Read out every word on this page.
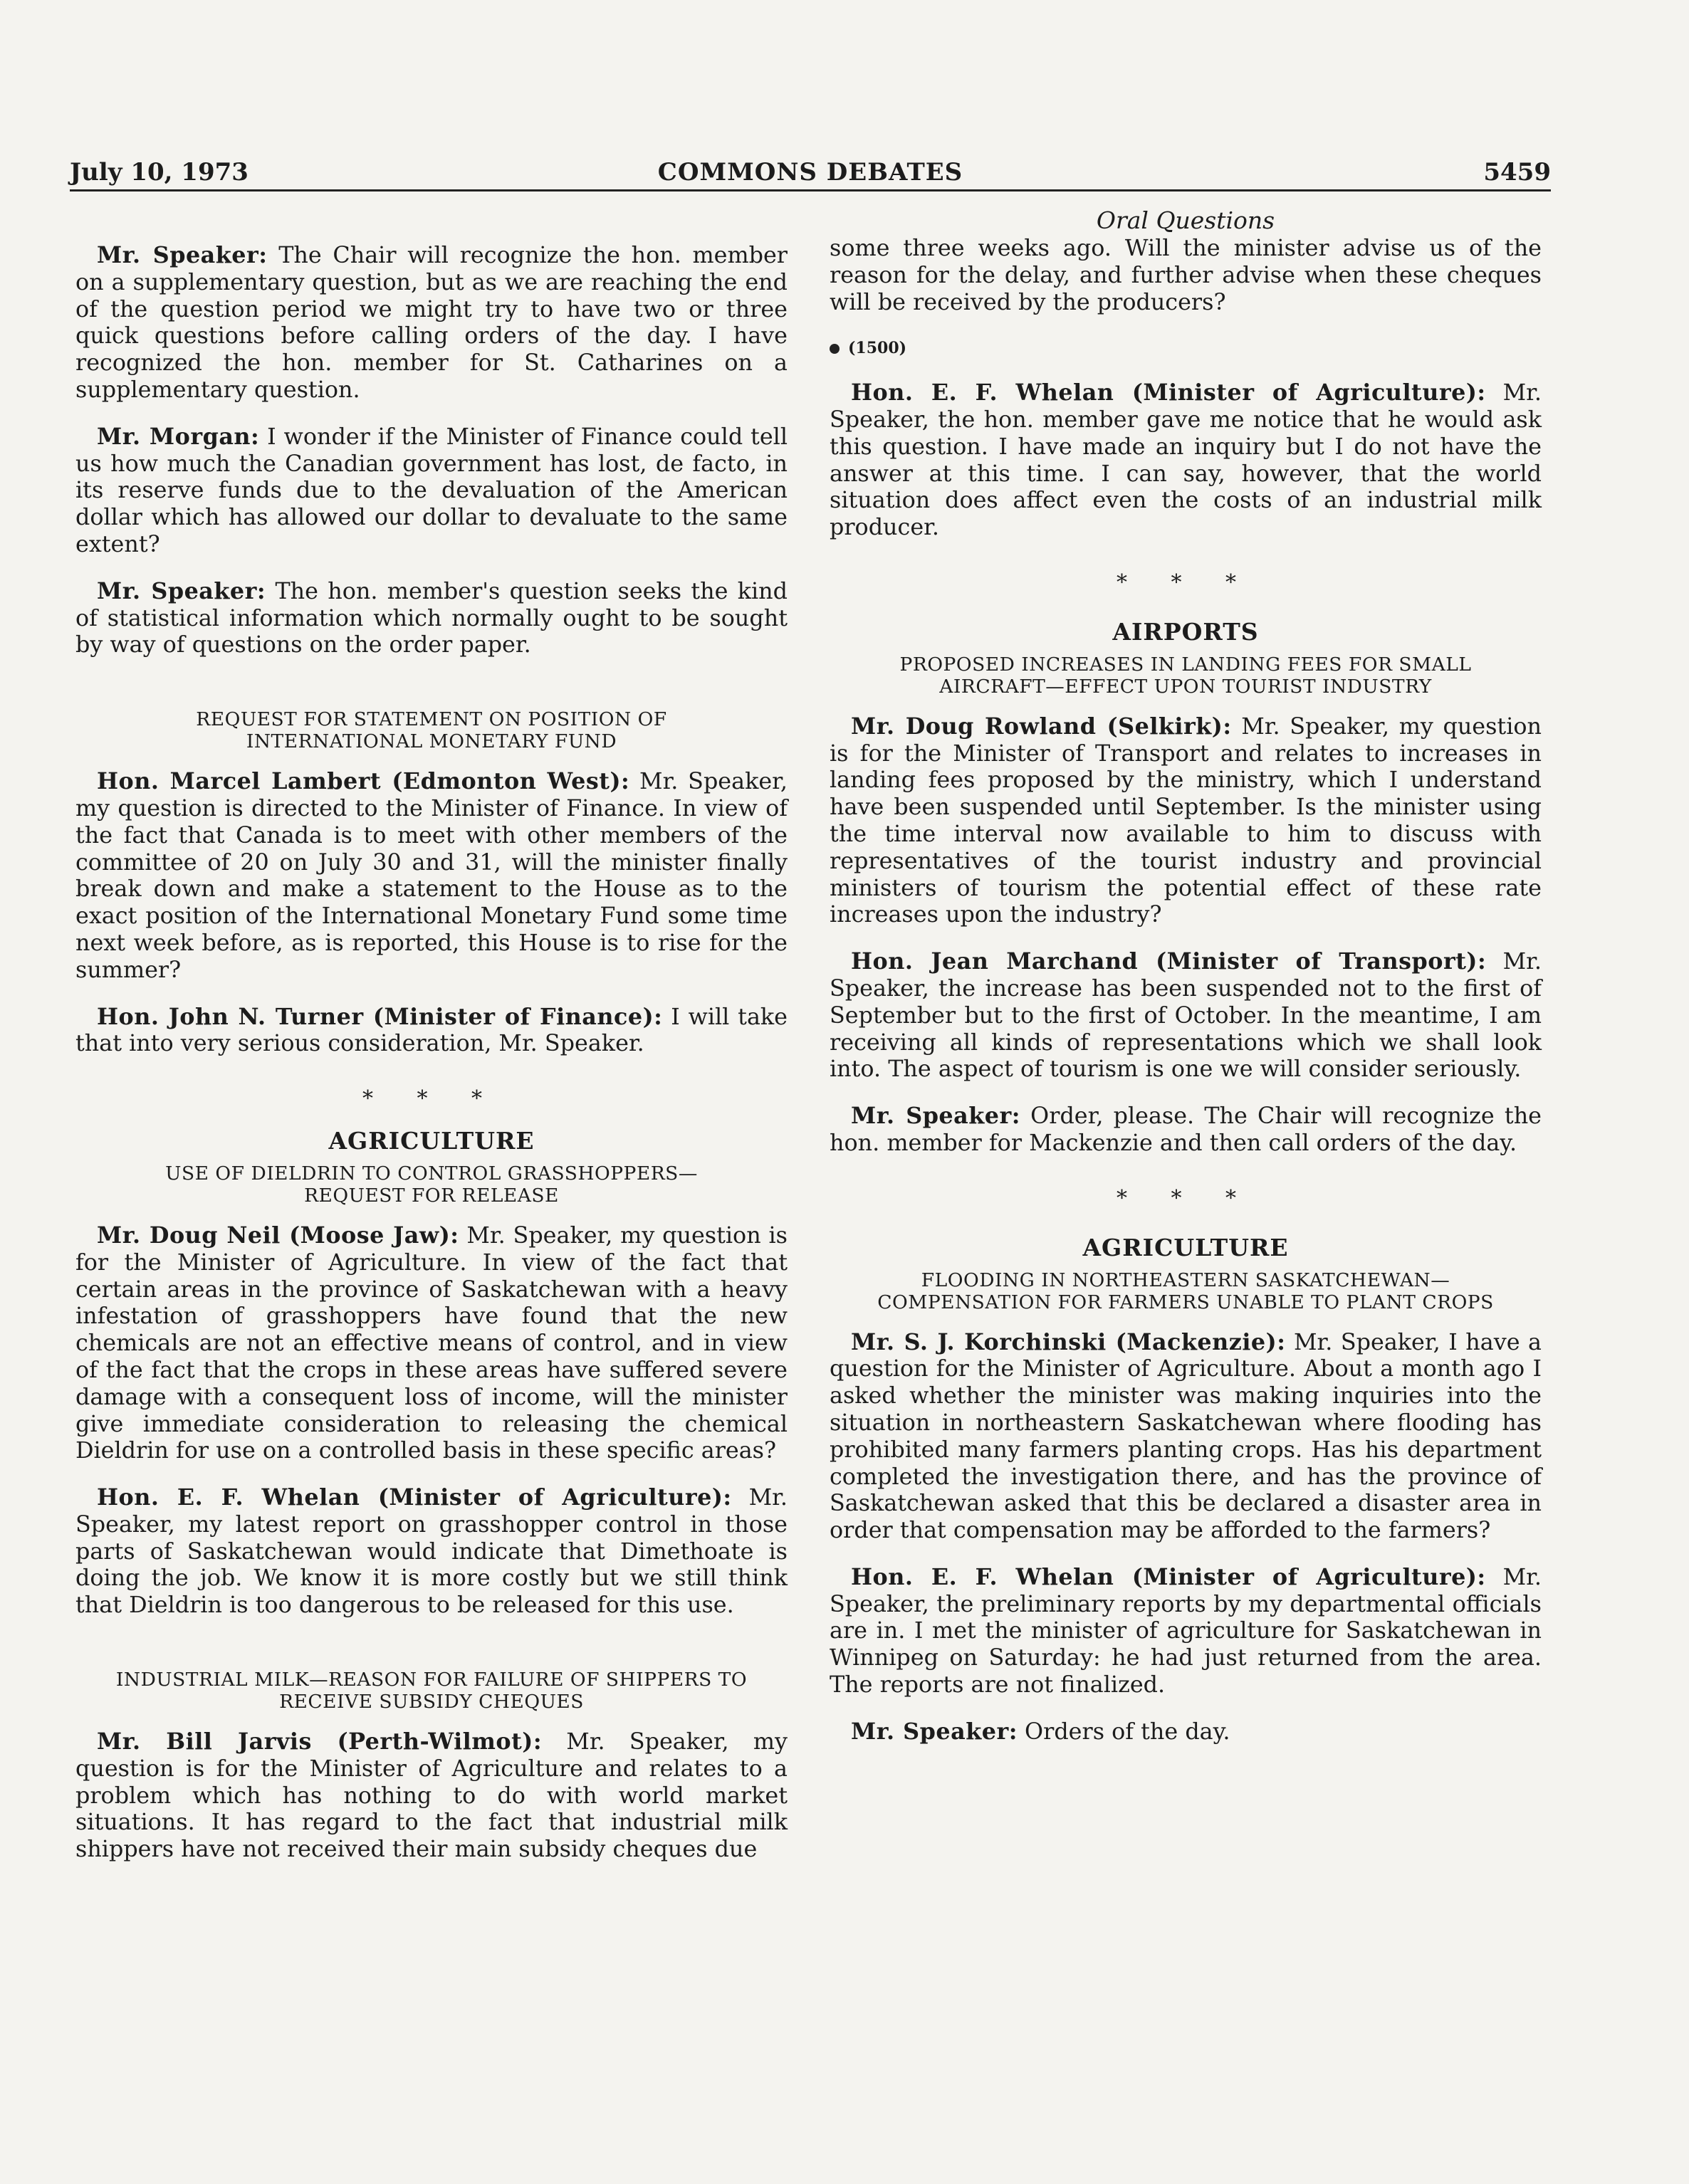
July 10, 1973	COMMONS DEBATES	5459

Mr. Speaker: The Chair will recognize the hon. member on a supplementary question, but as we are reaching the end of the question period we might try to have two or three quick questions before calling orders of the day. I have recognized the hon. member for St. Catharines on a supplementary question.

Mr. Morgan: I wonder if the Minister of Finance could tell us how much the Canadian government has lost, de facto, in its reserve funds due to the devaluation of the American dollar which has allowed our dollar to devaluate to the same extent?

Mr. Speaker: The hon. member's question seeks the kind of statistical information which normally ought to be sought by way of questions on the order paper.

REQUEST FOR STATEMENT ON POSITION OF INTERNATIONAL MONETARY FUND

Hon. Marcel Lambert (Edmonton West): Mr. Speaker, my question is directed to the Minister of Finance. In view of the fact that Canada is to meet with other members of the committee of 20 on July 30 and 31, will the minister finally break down and make a statement to the House as to the exact position of the International Monetary Fund some time next week before, as is reported, this House is to rise for the summer?

Hon. John N. Turner (Minister of Finance): I will take that into very serious consideration, Mr. Speaker.

* * *
AGRICULTURE
USE OF DIELDRIN TO CONTROL GRASSHOPPERS— REQUEST FOR RELEASE

Mr. Doug Neil (Moose Jaw): Mr. Speaker, my question is for the Minister of Agriculture. In view of the fact that certain areas in the province of Saskatchewan with a heavy infestation of grasshoppers have found that the new chemicals are not an effective means of control, and in view of the fact that the crops in these areas have suffered severe damage with a consequent loss of income, will the minister give immediate consideration to releasing the chemical Dieldrin for use on a controlled basis in these specific areas?

Hon. E. F. Whelan (Minister of Agriculture): Mr. Speaker, my latest report on grasshopper control in those parts of Saskatchewan would indicate that Dimethoate is doing the job. We know it is more costly but we still think that Dieldrin is too dangerous to be released for this use.

INDUSTRIAL MILK—REASON FOR FAILURE OF SHIPPERS TO RECEIVE SUBSIDY CHEQUES

Mr. Bill Jarvis (Perth-Wilmot): Mr. Speaker, my question is for the Minister of Agriculture and relates to a problem which has nothing to do with world market situations. It has regard to the fact that industrial milk shippers have not received their main subsidy cheques due

Oral Questions

some three weeks ago. Will the minister advise us of the reason for the delay, and further advise when these cheques will be received by the producers?

(1500)

Hon. E. F. Whelan (Minister of Agriculture): Mr. Speaker, the hon. member gave me notice that he would ask this question. I have made an inquiry but I do not have the answer at this time. I can say, however, that the world situation does affect even the costs of an industrial milk producer.

* * *
AIRPORTS
PROPOSED INCREASES IN LANDING FEES FOR SMALL AIRCRAFT—EFFECT UPON TOURIST INDUSTRY

Mr. Doug Rowland (Selkirk): Mr. Speaker, my question is for the Minister of Transport and relates to increases in landing fees proposed by the ministry, which I understand have been suspended until September. Is the minister using the time interval now available to him to discuss with representatives of the tourist industry and provincial ministers of tourism the potential effect of these rate increases upon the industry?

Hon. Jean Marchand (Minister of Transport): Mr. Speaker, the increase has been suspended not to the first of September but to the first of October. In the meantime, I am receiving all kinds of representations which we shall look into. The aspect of tourism is one we will consider seriously.

Mr. Speaker: Order, please. The Chair will recognize the hon. member for Mackenzie and then call orders of the day.

* * *
AGRICULTURE
FLOODING IN NORTHEASTERN SASKATCHEWAN— COMPENSATION FOR FARMERS UNABLE TO PLANT CROPS

Mr. S. J. Korchinski (Mackenzie): Mr. Speaker, I have a question for the Minister of Agriculture. About a month ago I asked whether the minister was making inquiries into the situation in northeastern Saskatchewan where flooding has prohibited many farmers planting crops. Has his department completed the investigation there, and has the province of Saskatchewan asked that this be declared a disaster area in order that compensation may be afforded to the farmers?

Hon. E. F. Whelan (Minister of Agriculture): Mr. Speaker, the preliminary reports by my departmental officials are in. I met the minister of agriculture for Saskatchewan in Winnipeg on Saturday: he had just returned from the area. The reports are not finalized.

Mr. Speaker: Orders of the day.
